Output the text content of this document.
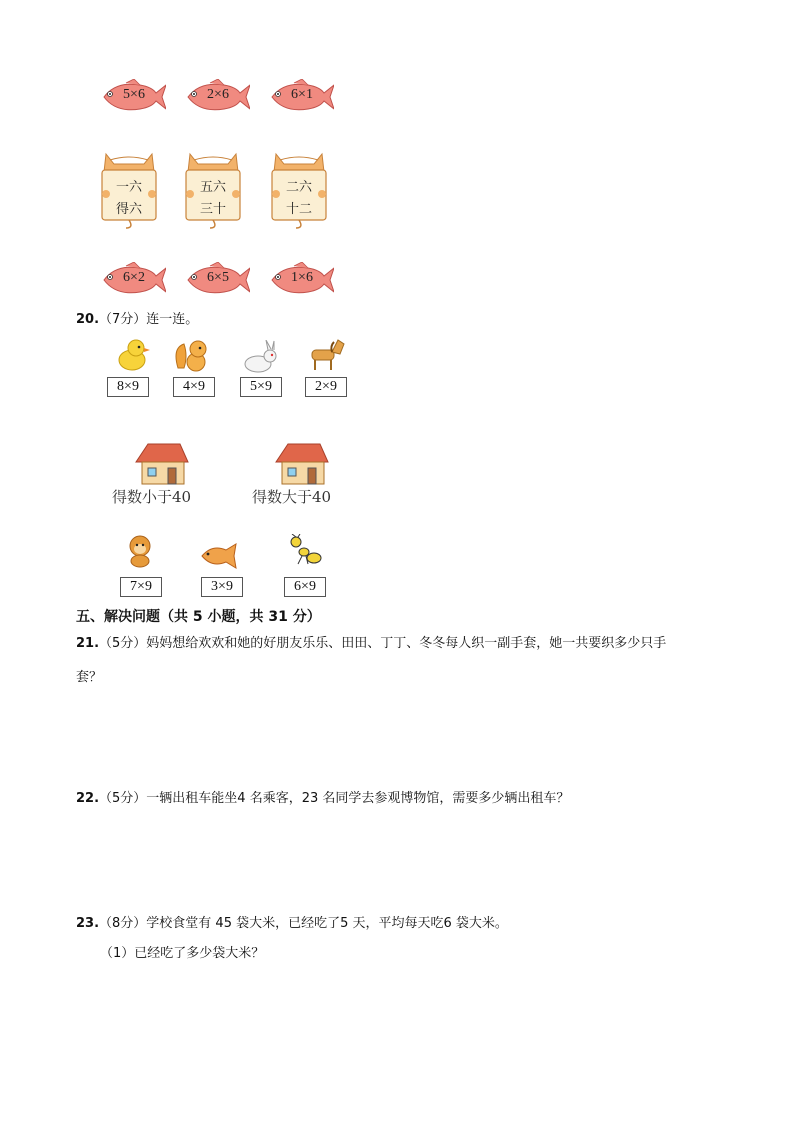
5×6	2×6	6×1
一六
得六
五六
三十
二六
十二
6×2	6×5	1×6
20.（7分）连一连。
8×9	4×9	5×9	2×9
得数小于40	得数大于40
7×9	3×9	6×9
五、解决问题（共 5 小题，共 31 分）
21.（5分）妈妈想给欢欢和她的好朋友乐乐、田田、丁丁、冬冬每人织一副手套，她一共要织多少只手
套？
22.（5分）一辆出租车能坐4 名乘客，23 名同学去参观博物馆，需要多少辆出租车？
23.（8分）学校食堂有 45 袋大米，已经吃了5 天，平均每天吃6 袋大米。
（1）已经吃了多少袋大米？
